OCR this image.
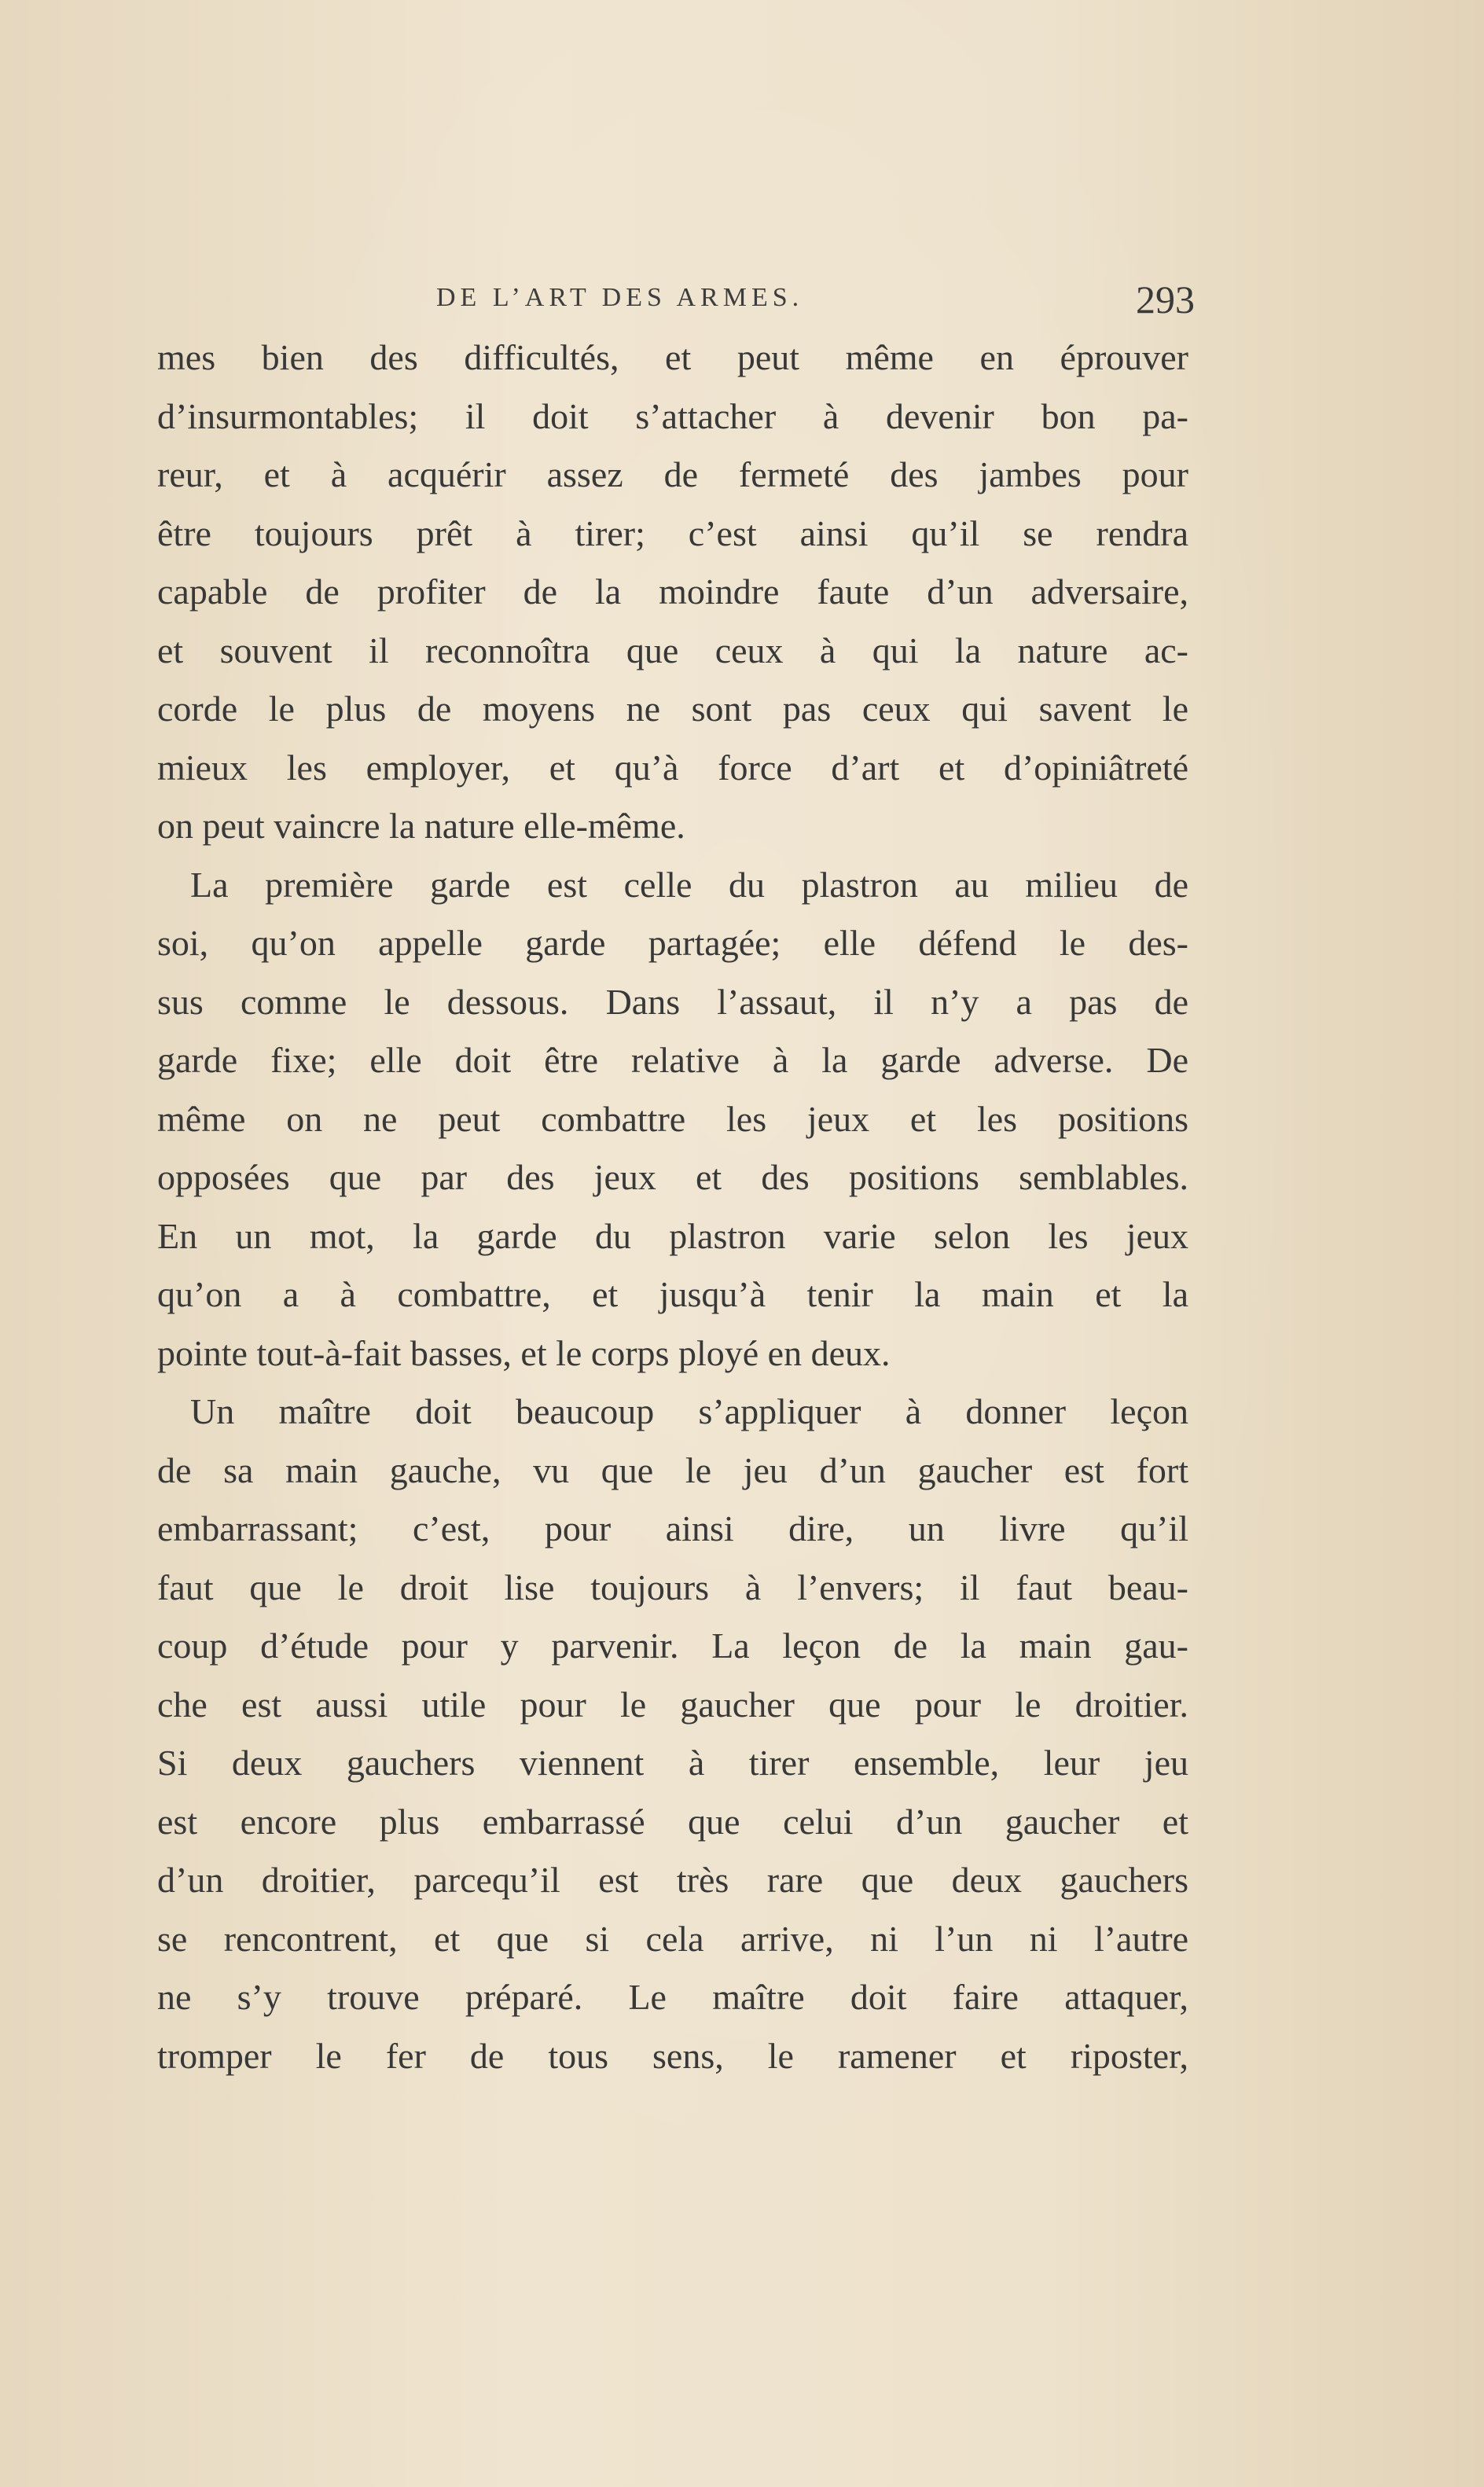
DE L’ART DES ARMES.	293
mes bien des difficultés, et peut même en éprouver
d’insurmontables; il doit s’attacher à devenir bon pa-
reur, et à acquérir assez de fermeté des jambes pour
être toujours prêt à tirer; c’est ainsi qu’il se rendra
capable de profiter de la moindre faute d’un adversaire,
et souvent il reconnoîtra que ceux à qui la nature ac-
corde le plus de moyens ne sont pas ceux qui savent le
mieux les employer, et qu’à force d’art et d’opiniâtreté
on peut vaincre la nature elle-même.
La première garde est celle du plastron au milieu de
soi, qu’on appelle garde partagée; elle défend le des-
sus comme le dessous. Dans l’assaut, il n’y a pas de
garde fixe; elle doit être relative à la garde adverse. De
même on ne peut combattre les jeux et les positions
opposées que par des jeux et des positions semblables.
En un mot, la garde du plastron varie selon les jeux
qu’on a à combattre, et jusqu’à tenir la main et la
pointe tout-à-fait basses, et le corps ployé en deux.
Un maître doit beaucoup s’appliquer à donner leçon
de sa main gauche, vu que le jeu d’un gaucher est fort
embarrassant; c’est, pour ainsi dire, un livre qu’il
faut que le droit lise toujours à l’envers; il faut beau-
coup d’étude pour y parvenir. La leçon de la main gau-
che est aussi utile pour le gaucher que pour le droitier.
Si deux gauchers viennent à tirer ensemble, leur jeu
est encore plus embarrassé que celui d’un gaucher et
d’un droitier, parcequ’il est très rare que deux gauchers
se rencontrent, et que si cela arrive, ni l’un ni l’autre
ne s’y trouve préparé. Le maître doit faire attaquer,
tromper le fer de tous sens, le ramener et riposter,
